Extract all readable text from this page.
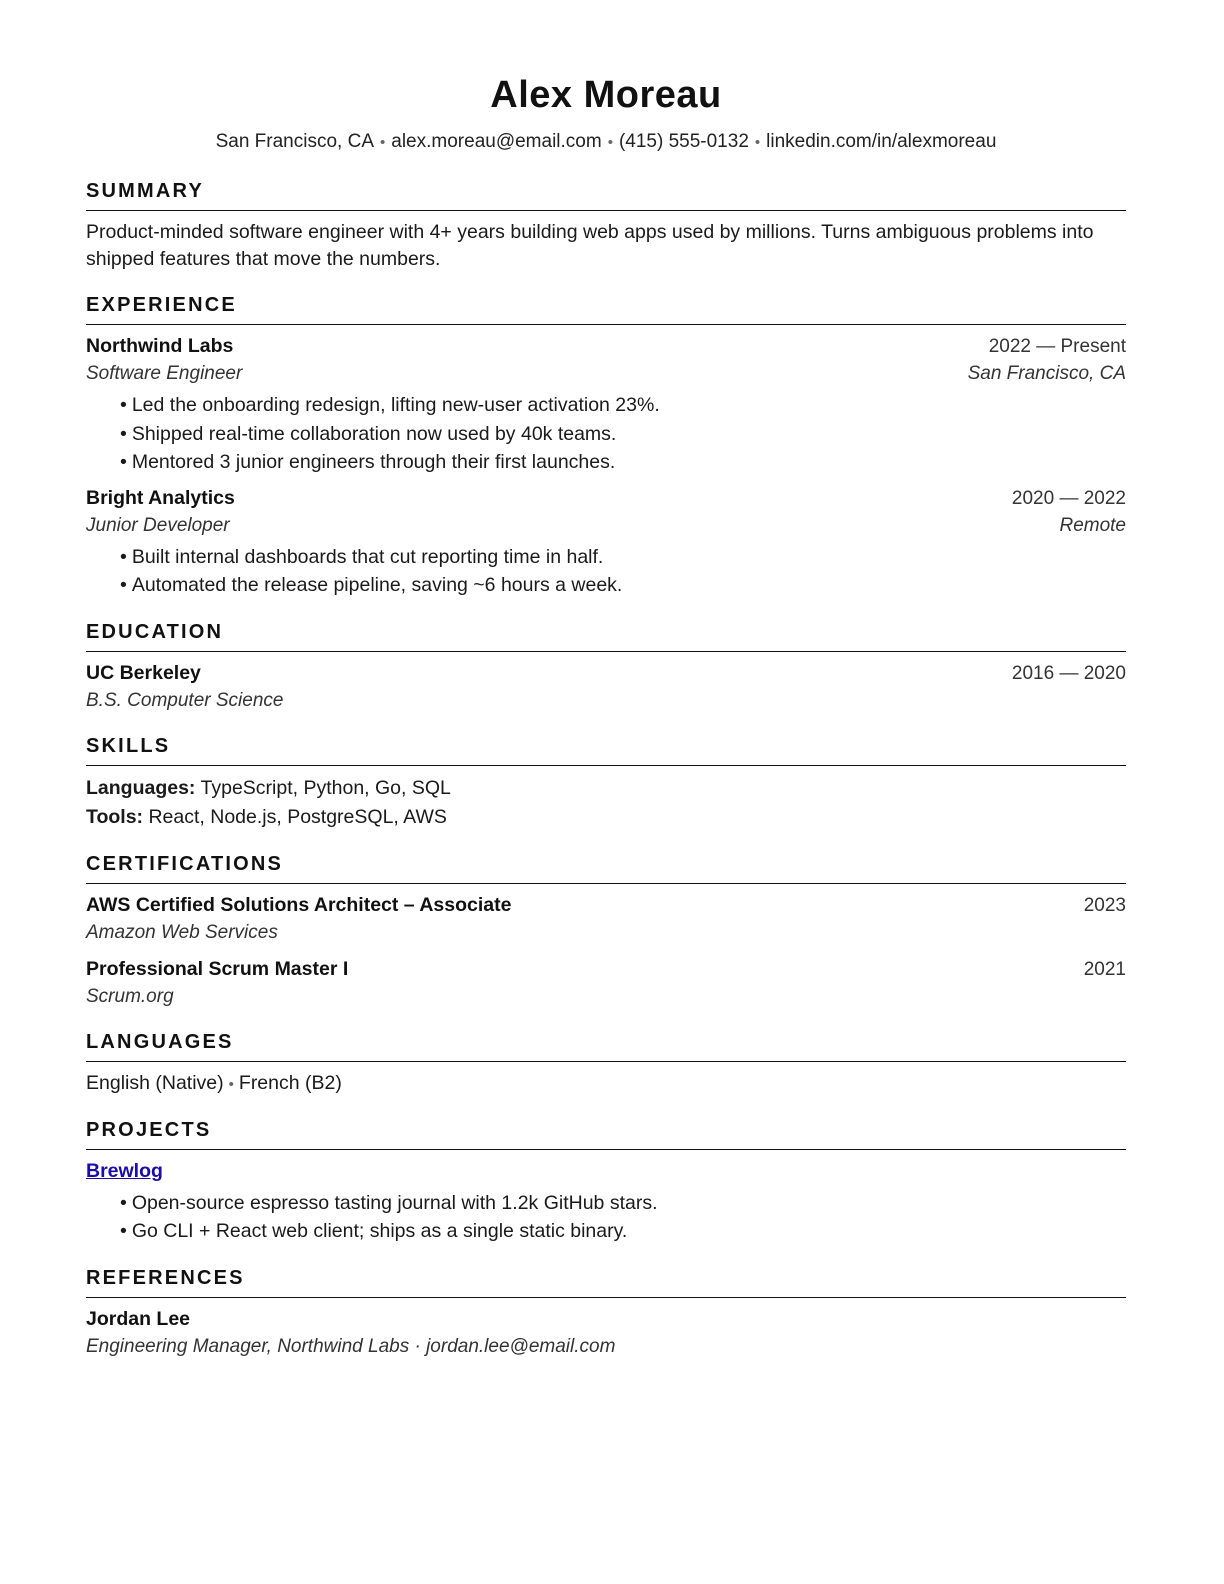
Alex Moreau
San Francisco, CA • alex.moreau@email.com • (415) 555-0132 • linkedin.com/in/alexmoreau
SUMMARY
Product-minded software engineer with 4+ years building web apps used by millions. Turns ambiguous problems into shipped features that move the numbers.
EXPERIENCE
Northwind Labs	2022 — Present
Software Engineer	San Francisco, CA
• Led the onboarding redesign, lifting new-user activation 23%.
• Shipped real-time collaboration now used by 40k teams.
• Mentored 3 junior engineers through their first launches.
Bright Analytics	2020 — 2022
Junior Developer	Remote
• Built internal dashboards that cut reporting time in half.
• Automated the release pipeline, saving ~6 hours a week.
EDUCATION
UC Berkeley	2016 — 2020
B.S. Computer Science
SKILLS
Languages: TypeScript, Python, Go, SQL
Tools: React, Node.js, PostgreSQL, AWS
CERTIFICATIONS
AWS Certified Solutions Architect – Associate	2023
Amazon Web Services
Professional Scrum Master I	2021
Scrum.org
LANGUAGES
English (Native) • French (B2)
PROJECTS
Brewlog
• Open-source espresso tasting journal with 1.2k GitHub stars.
• Go CLI + React web client; ships as a single static binary.
REFERENCES
Jordan Lee
Engineering Manager, Northwind Labs · jordan.lee@email.com
